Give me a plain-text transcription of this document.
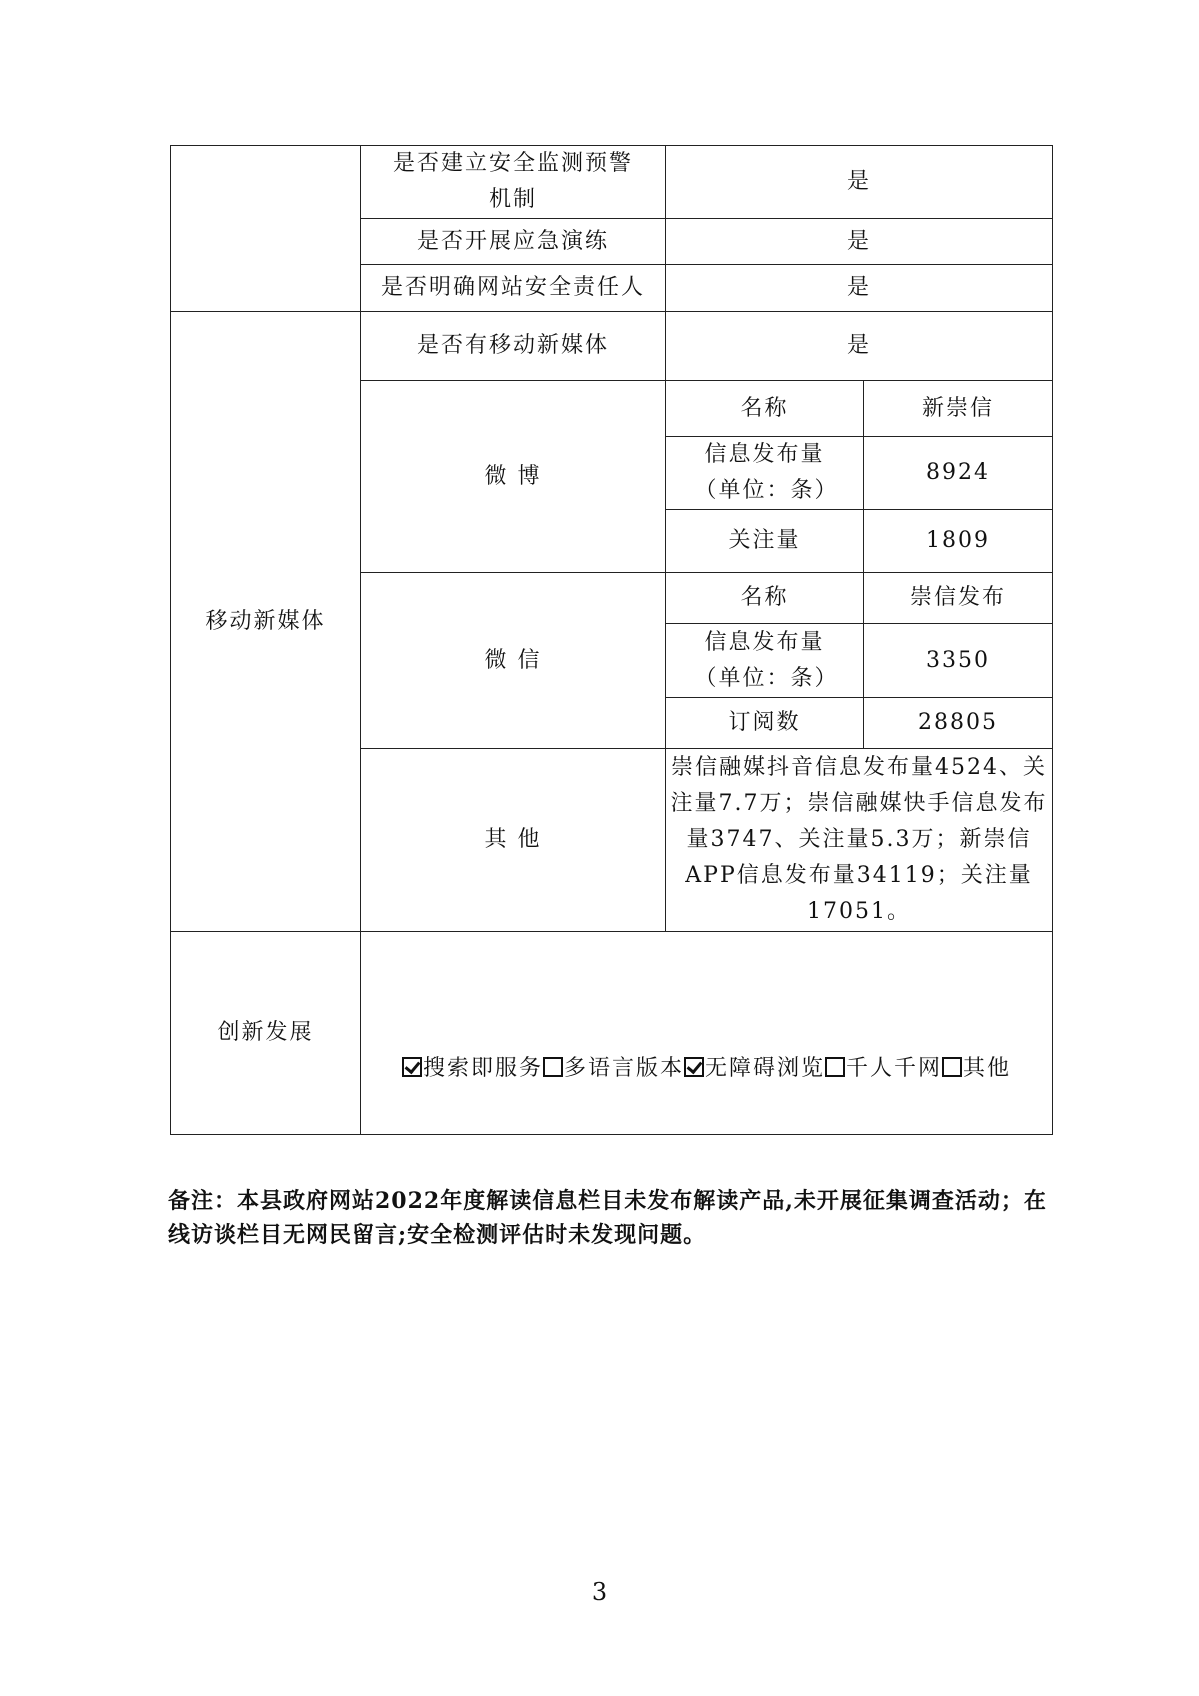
	是否建立安全监测预警机制	是	
	是否开展应急演练	是	
	是否明确网站安全责任人	是	
移动新媒体	是否有移动新媒体	是	
	微 博	名称	新崇信
		信息发布量（单位：条）	8924
		关注量	1809
	微 信	名称	崇信发布
		信息发布量（单位：条）	3350
		订阅数	28805
	其 他	崇信融媒抖音信息发布量4524、关注量7.7万；崇信融媒快手信息发布量3747、关注量5.3万；新崇信APP信息发布量34119；关注量17051。	
创新发展	搜索即服务 多语言版本 无障碍浏览 千人千网 其他		
备注：本县政府网站2022年度解读信息栏目未发布解读产品,未开展征集调查活动；在线访谈栏目无网民留言;安全检测评估时未发现问题。
3
